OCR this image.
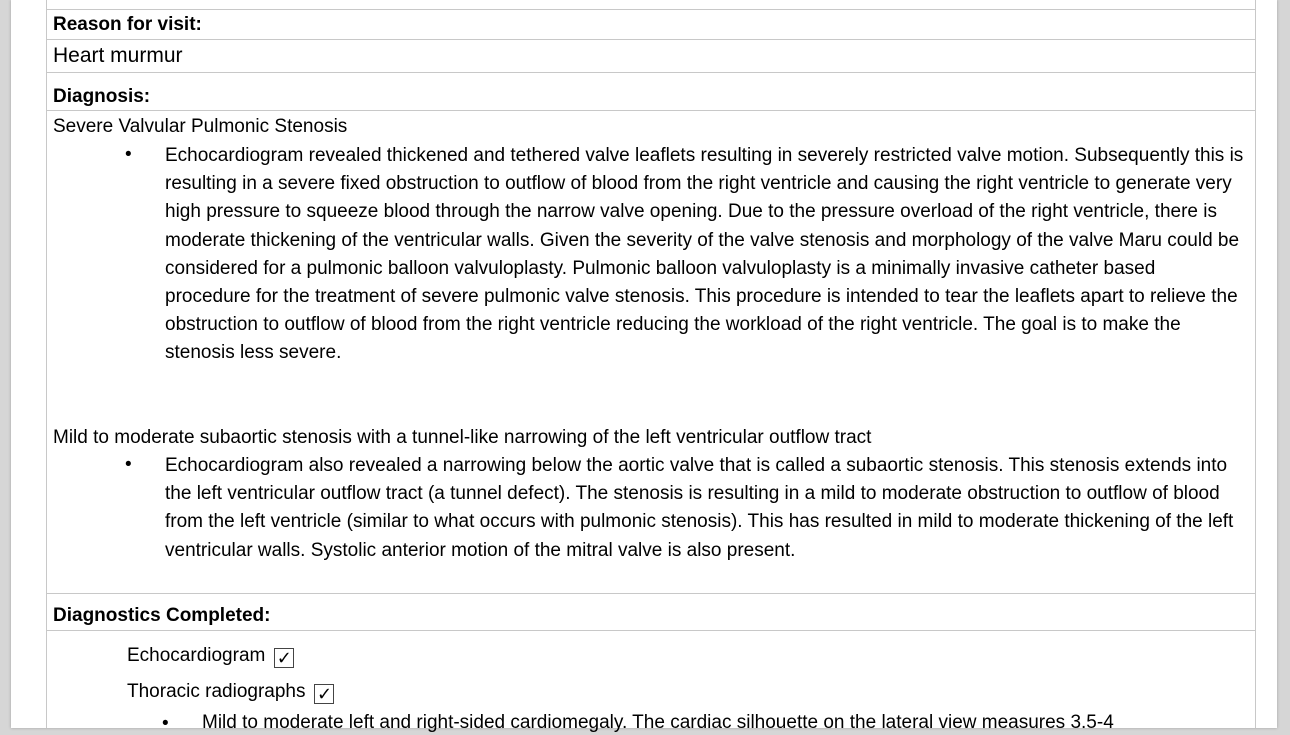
Reason for visit:
Heart murmur
Diagnosis:
Severe Valvular Pulmonic Stenosis
• Echocardiogram revealed thickened and tethered valve leaflets resulting in severely restricted valve motion. Subsequently this is resulting in a severe fixed obstruction to outflow of blood from the right ventricle and causing the right ventricle to generate very high pressure to squeeze blood through the narrow valve opening. Due to the pressure overload of the right ventricle, there is moderate thickening of the ventricular walls. Given the severity of the valve stenosis and morphology of the valve Maru could be considered for a pulmonic balloon valvuloplasty. Pulmonic balloon valvuloplasty is a minimally invasive catheter based procedure for the treatment of severe pulmonic valve stenosis. This procedure is intended to tear the leaflets apart to relieve the obstruction to outflow of blood from the right ventricle reducing the workload of the right ventricle. The goal is to make the stenosis less severe.
Mild to moderate subaortic stenosis with a tunnel-like narrowing of the left ventricular outflow tract
• Echocardiogram also revealed a narrowing below the aortic valve that is called a subaortic stenosis. This stenosis extends into the left ventricular outflow tract (a tunnel defect). The stenosis is resulting in a mild to moderate obstruction to outflow of blood from the left ventricle (similar to what occurs with pulmonic stenosis). This has resulted in mild to moderate thickening of the left ventricular walls. Systolic anterior motion of the mitral valve is also present.
Diagnostics Completed:
Echocardiogram ✓
Thoracic radiographs ✓
• Mild to moderate left and right-sided cardiomegaly. The cardiac silhouette on the lateral view measures 3.5-4
